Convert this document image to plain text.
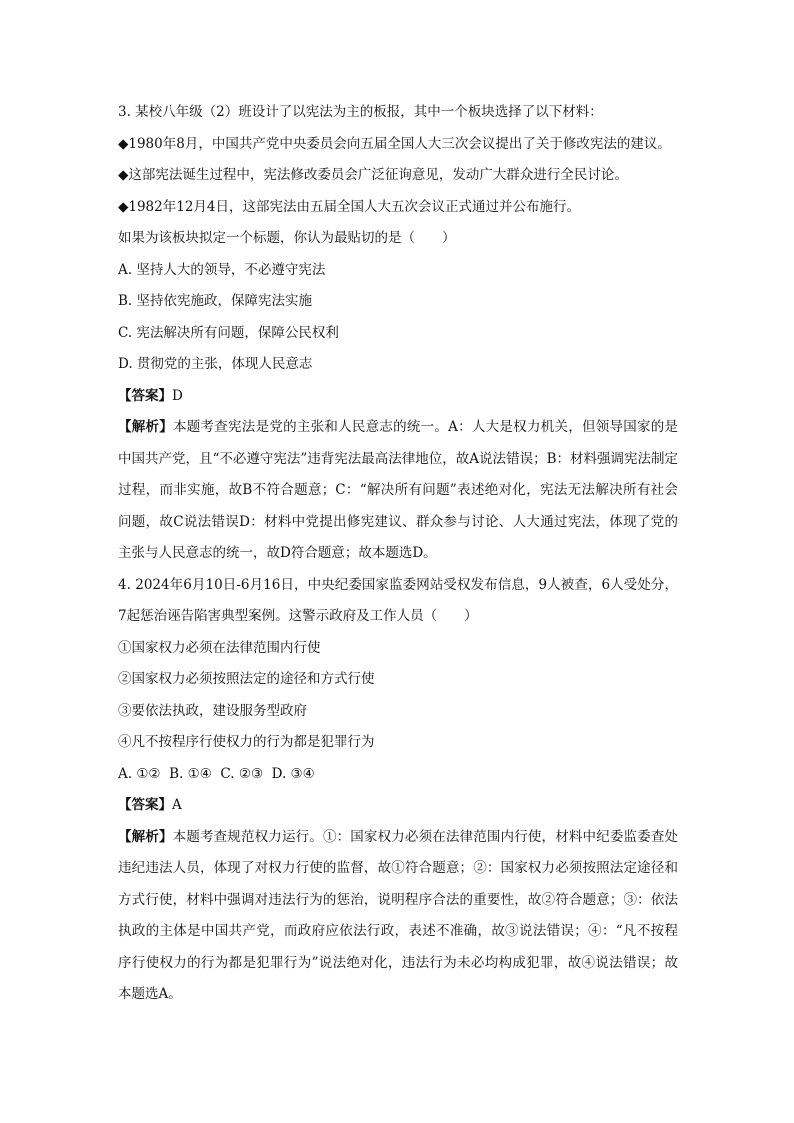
3. 某校八年级（2）班设计了以宪法为主的板报，其中一个板块选择了以下材料：
◆1980年8月，中国共产党中央委员会向五届全国人大三次会议提出了关于修改宪法的建议。
◆这部宪法诞生过程中，宪法修改委员会广泛征询意见，发动广大群众进行全民讨论。
◆1982年12月4日，这部宪法由五届全国人大五次会议正式通过并公布施行。
如果为该板块拟定一个标题，你认为最贴切的是（　　）
A. 坚持人大的领导，不必遵守宪法
B. 坚持依宪施政，保障宪法实施
C. 宪法解决所有问题，保障公民权利
D. 贯彻党的主张，体现人民意志
【答案】D
【解析】本题考查宪法是党的主张和人民意志的统一。A：人大是权力机关，但领导国家的是中国共产党，且“不必遵守宪法”违背宪法最高法律地位，故A说法错误；B：材料强调宪法制定过程，而非实施，故B不符合题意；C：“解决所有问题”表述绝对化，宪法无法解决所有社会问题，故C说法错误D：材料中党提出修宪建议、群众参与讨论、人大通过宪法，体现了党的主张与人民意志的统一，故D符合题意；故本题选D。
4. 2024年6月10日-6月16日，中央纪委国家监委网站受权发布信息，9人被查，6人受处分，7起惩治诬告陷害典型案例。这警示政府及工作人员（　　）
①国家权力必须在法律范围内行使
②国家权力必须按照法定的途径和方式行使
③要依法执政，建设服务型政府
④凡不按程序行使权力的行为都是犯罪行为
A. ①②  B. ①④  C. ②③  D. ③④
【答案】A
【解析】本题考查规范权力运行。①：国家权力必须在法律范围内行使，材料中纪委监委查处违纪违法人员，体现了对权力行使的监督，故①符合题意；②：国家权力必须按照法定途径和方式行使，材料中强调对违法行为的惩治，说明程序合法的重要性，故②符合题意；③：依法执政的主体是中国共产党，而政府应依法行政，表述不准确，故③说法错误；④：“凡不按程序行使权力的行为都是犯罪行为”说法绝对化，违法行为未必均构成犯罪，故④说法错误；故本题选A。
